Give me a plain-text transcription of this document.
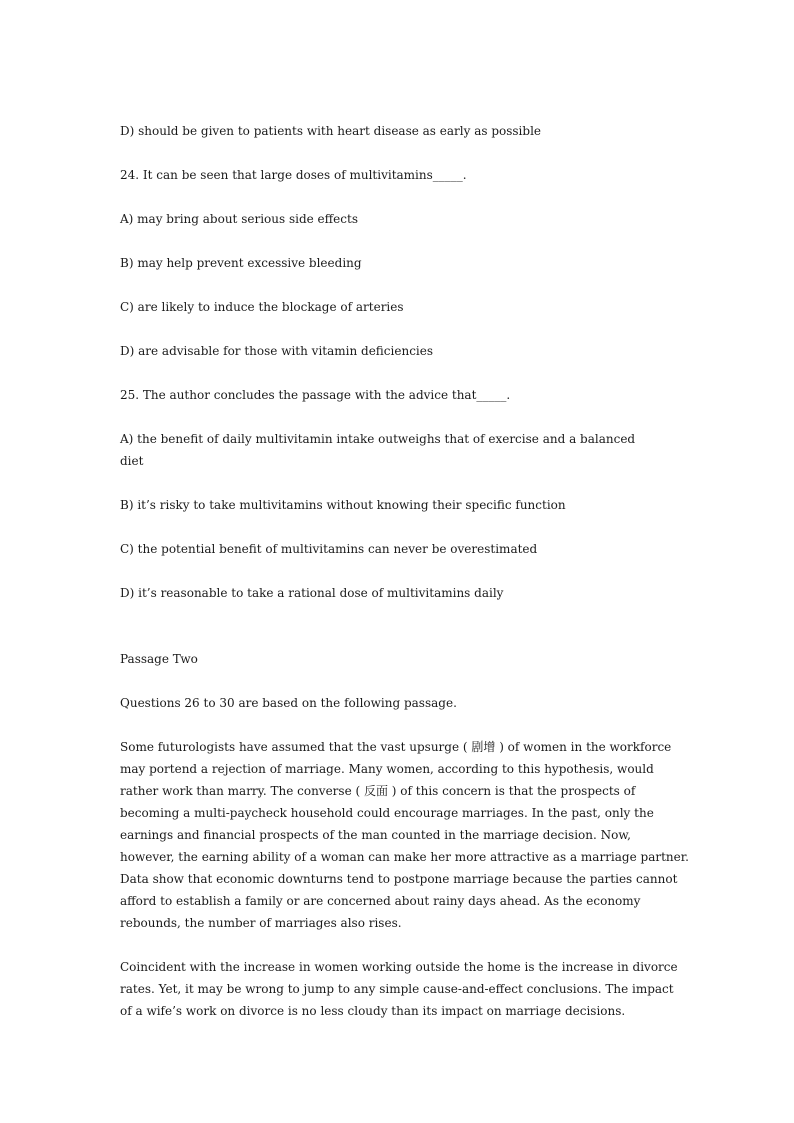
D) should be given to patients with heart disease as early as possible
24. It can be seen that large doses of multivitamins_____.
A) may bring about serious side effects
B) may help prevent excessive bleeding
C) are likely to induce the blockage of arteries
D) are advisable for those with vitamin deficiencies
25. The author concludes the passage with the advice that_____.
A) the benefit of daily multivitamin intake outweighs that of exercise and a balanced
diet
B) it’s risky to take multivitamins without knowing their specific function
C) the potential benefit of multivitamins can never be overestimated
D) it’s reasonable to take a rational dose of multivitamins daily
Passage Two
Questions 26 to 30 are based on the following passage.
Some futurologists have assumed that the vast upsurge ( 剧增 ) of women in the workforce
may portend a rejection of marriage. Many women, according to this hypothesis, would
rather work than marry. The converse ( 反面 ) of this concern is that the prospects of
becoming a multi-paycheck household could encourage marriages. In the past, only the
earnings and financial prospects of the man counted in the marriage decision. Now,
however, the earning ability of a woman can make her more attractive as a marriage partner.
Data show that economic downturns tend to postpone marriage because the parties cannot
afford to establish a family or are concerned about rainy days ahead. As the economy
rebounds, the number of marriages also rises.
Coincident with the increase in women working outside the home is the increase in divorce
rates. Yet, it may be wrong to jump to any simple cause-and-effect conclusions. The impact
of a wife’s work on divorce is no less cloudy than its impact on marriage decisions.
